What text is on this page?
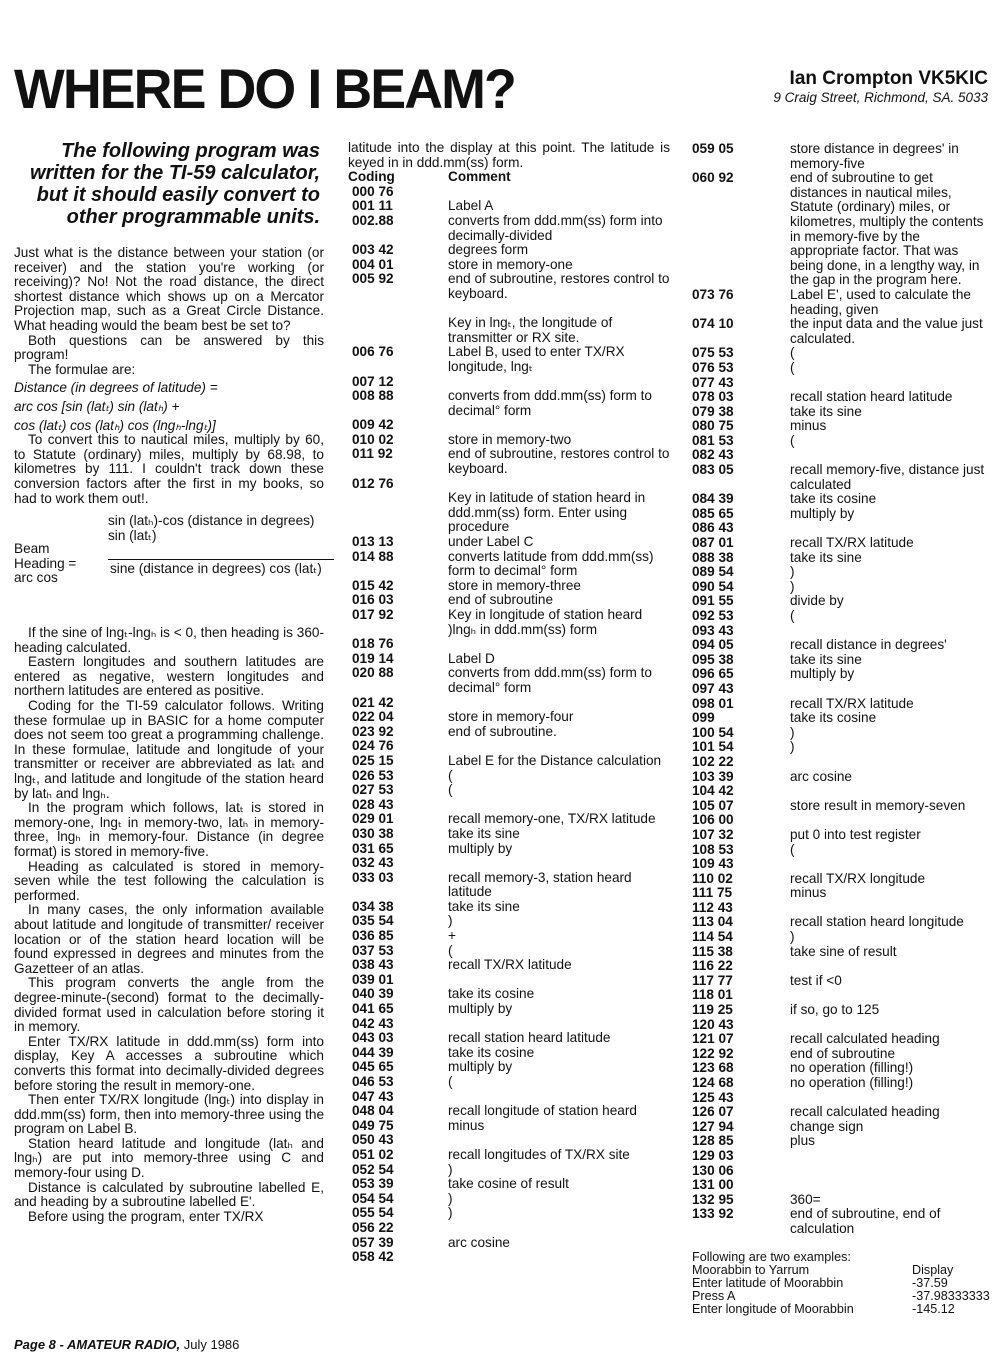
WHERE DO I BEAM?	Ian Crompton VK5KIC
9 Craig Street, Richmond, SA. 5033
The following program was written for the TI-59 calculator, but it should easily convert to other programmable units.
Just what is the distance between your station (or receiver) and the station you're working (or receiving)? No! Not the road distance, the direct shortest distance which shows up on a Mercator Projection map, such as a Great Circle Distance. What heading would the beam best be set to?
Both questions can be answered by this program!
The formulae are:
Distance (in degrees of latitude) =
arc cos [sin (latₜ) sin (latₕ) +
cos (latₜ) cos (latₕ) cos (lngₕ-lngₜ)]
To convert this to nautical miles, multiply by 60, to Statute (ordinary) miles, multiply by 68.98, to kilometres by 111. I couldn't track down these conversion factors after the first in my books, so had to work them out!.
Beam Heading = arc cos
sin (latₕ)-cos (distance in degrees) sin (latₜ)
sine (distance in degrees) cos (latₜ)
If the sine of lngₜ-lngₕ is < 0, then heading is 360-heading calculated.
Eastern longitudes and southern latitudes are entered as negative, western longitudes and northern latitudes are entered as positive.
Coding for the TI-59 calculator follows. Writing these formulae up in BASIC for a home computer does not seem too great a programming challenge. In these formulae, latitude and longitude of your transmitter or receiver are abbreviated as latₜ and lngₜ, and latitude and longitude of the station heard by latₕ and lngₕ.
In the program which follows, latₜ is stored in memory-one, lngₜ in memory-two, latₕ in memory-three, lngₕ in memory-four. Distance (in degree format) is stored in memory-five.
Heading as calculated is stored in memory-seven while the test following the calculation is performed.
In many cases, the only information available about latitude and longitude of transmitter/ receiver location or of the station heard location will be found expressed in degrees and minutes from the Gazetteer of an atlas.
This program converts the angle from the degree-minute-(second) format to the decimally-divided format used in calculation before storing it in memory.
Enter TX/RX latitude in ddd.mm(ss) form into display, Key A accesses a subroutine which converts this format into decimally-divided degrees before storing the result in memory-one.
Then enter TX/RX longitude (lngₜ) into display in ddd.mm(ss) form, then into memory-three using the program on Label B.
Station heard latitude and longitude (latₕ and lngₕ) are put into memory-three using C and memory-four using D.
Distance is calculated by subroutine labelled E, and heading by a subroutine labelled E'.
Before using the program, enter TX/RX
latitude into the display at this point. The latitude is keyed in in ddd.mm(ss) form.
Coding	Comment
000 76

001 11	Label A
002.88	converts from ddd.mm(ss) form into decimally-divided
003 42	degrees form
004 01	store in memory-one
005 92	end of subroutine, restores control to keyboard.

Key in lngₜ, the longitude of transmitter or RX site.
006 76	Label B, used to enter TX/RX longitude, lngₜ
007 12

008 88	converts from ddd.mm(ss) form to decimal° form
009 42

010 02	store in memory-two
011 92	end of subroutine, restores control to keyboard.
012 76

Key in latitude of station heard in ddd.mm(ss) form. Enter using procedure
013 13	under Label C
014 88	converts latitude from ddd.mm(ss) form to decimal° form
015 42	store in memory-three
016 03	end of subroutine
017 92	Key in longitude of station heard )lngₕ in ddd.mm(ss) form
018 76

019 14	Label D
020 88	converts from ddd.mm(ss) form to decimal° form
021 42

022 04	store in memory-four
023 92	end of subroutine.
024 76

025 15	Label E for the Distance calculation
026 53	(
027 53	(
028 43

029 01	recall memory-one, TX/RX latitude
030 38	take its sine
031 65	multiply by
032 43

033 03	recall memory-3, station heard latitude
034 38	take its sine
035 54	)
036 85	+
037 53	(
038 43	recall TX/RX latitude
039 01

040 39	take its cosine
041 65	multiply by
042 43

043 03	recall station heard latitude
044 39	take its cosine
045 65	multiply by
046 53	(
047 43

048 04	recall longitude of station heard
049 75	minus
050 43

051 02	recall longitudes of TX/RX site
052 54	)
053 39	take cosine of result
054 54	)
055 54	)
056 22

057 39	arc cosine
058 42

059 05	store distance in degrees' in memory-five
060 92	end of subroutine to get distances in nautical miles, Statute (ordinary) miles, or kilometres, multiply the contents in memory-five by the appropriate factor. That was being done, in a lengthy way, in the gap in the program here.
073 76	Label E', used to calculate the heading, given
074 10	the input data and the value just calculated.
075 53	(
076 53	(
077 43

078 03	recall station heard latitude
079 38	take its sine
080 75	minus
081 53	(
082 43

083 05	recall memory-five, distance just calculated
084 39	take its cosine
085 65	multiply by
086 43

087 01	recall TX/RX latitude
088 38	take its sine
089 54	)
090 54	)
091 55	divide by
092 53	(
093 43

094 05	recall distance in degrees'
095 38	take its sine
096 65	multiply by
097 43

098 01	recall TX/RX latitude
099	take its cosine
100 54	)
101 54	)
102 22

103 39	arc cosine
104 42

105 07	store result in memory-seven
106 00

107 32	put 0 into test register
108 53	(
109 43

110 02	recall TX/RX longitude
111 75	minus
112 43

113 04	recall station heard longitude
114 54	)
115 38	take sine of result
116 22

117 77	test if <0
118 01

119 25	if so, go to 125
120 43

121 07	recall calculated heading
122 92	end of subroutine
123 68	no operation (filling!)
124 68	no operation (filling!)
125 43

126 07	recall calculated heading
127 94	change sign
128 85	plus
129 03

130 06

131 00

132 95	360=
133 92	end of subroutine, end of calculation
Following are two examples:
Moorabbin to Yarrum	Display
Enter latitude of Moorabbin	-37.59
Press A	-37.98333333
Enter longitude of Moorabbin	-145.12
Page 8 - AMATEUR RADIO, July 1986
